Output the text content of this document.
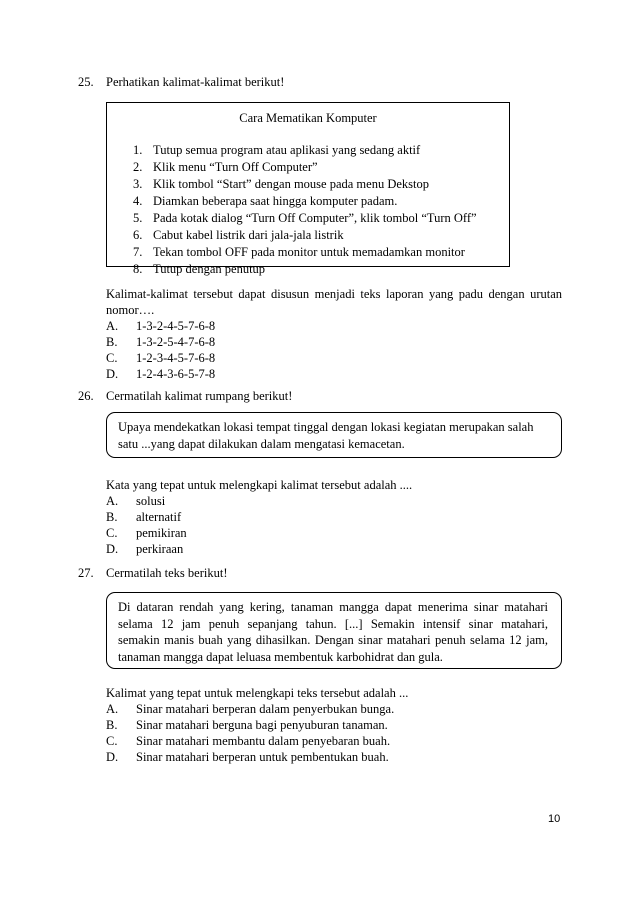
25. Perhatikan kalimat-kalimat berikut!
Cara Mematikan Komputer
1. Tutup semua program atau aplikasi yang sedang aktif
2. Klik menu “Turn Off Computer”
3. Klik tombol “Start” dengan mouse pada menu Dekstop
4. Diamkan beberapa saat hingga komputer padam.
5. Pada kotak dialog “Turn Off Computer”, klik tombol “Turn Off”
6. Cabut kabel listrik dari jala-jala listrik
7. Tekan tombol OFF pada monitor untuk memadamkan monitor
8. Tutup dengan penutup
Kalimat-kalimat tersebut dapat disusun menjadi teks laporan yang padu dengan urutan
nomor….
A. 1-3-2-4-5-7-6-8
B. 1-3-2-5-4-7-6-8
C. 1-2-3-4-5-7-6-8
D. 1-2-4-3-6-5-7-8
26. Cermatilah kalimat rumpang berikut!
Upaya mendekatkan lokasi tempat tinggal dengan lokasi kegiatan merupakan salah
satu ...yang dapat dilakukan dalam mengatasi kemacetan.
Kata yang tepat untuk melengkapi kalimat tersebut adalah ....
A. solusi
B. alternatif
C. pemikiran
D. perkiraan
27. Cermatilah teks berikut!
Di dataran rendah yang kering, tanaman mangga dapat menerima sinar matahari
selama 12 jam penuh sepanjang tahun. [...] Semakin intensif sinar matahari,
semakin manis buah yang dihasilkan. Dengan sinar matahari penuh selama 12 jam,
tanaman mangga dapat leluasa membentuk karbohidrat dan gula.
Kalimat yang tepat untuk melengkapi teks tersebut adalah ...
A. Sinar matahari berperan dalam penyerbukan bunga.
B. Sinar matahari berguna bagi penyuburan tanaman.
C. Sinar matahari membantu dalam penyebaran buah.
D. Sinar matahari berperan untuk pembentukan buah.
10
